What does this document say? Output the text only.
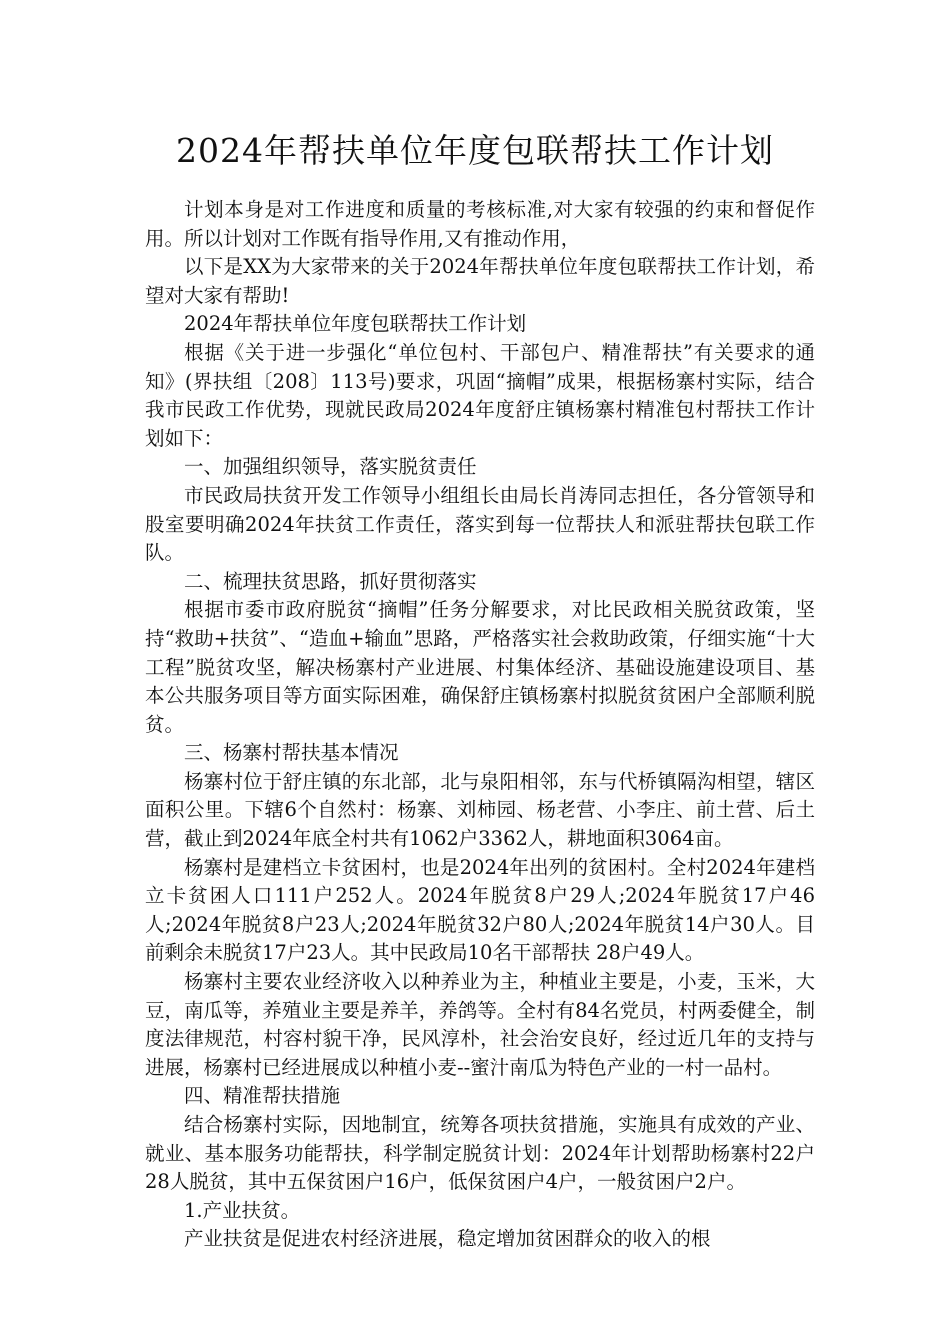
2024年帮扶单位年度包联帮扶工作计划

计划本身是对工作进度和质量的考核标准,对大家有较强的约束和督促作用。所以计划对工作既有指导作用,又有推动作用，

以下是XX为大家带来的关于2024年帮扶单位年度包联帮扶工作计划，希望对大家有帮助!

2024年帮扶单位年度包联帮扶工作计划

根据《关于进一步强化“单位包村、干部包户、精准帮扶”有关要求的通知》(界扶组〔208〕113号)要求，巩固“摘帽”成果，根据杨寨村实际，结合我市民政工作优势，现就民政局2024年度舒庄镇杨寨村精准包村帮扶工作计划如下：

一、加强组织领导，落实脱贫责任

市民政局扶贫开发工作领导小组组长由局长肖涛同志担任，各分管领导和股室要明确2024年扶贫工作责任，落实到每一位帮扶人和派驻帮扶包联工作队。

二、梳理扶贫思路，抓好贯彻落实

根据市委市政府脱贫“摘帽”任务分解要求，对比民政相关脱贫政策，坚持“救助+扶贫”、“造血+输血”思路，严格落实社会救助政策，仔细实施“十大工程”脱贫攻坚，解决杨寨村产业进展、村集体经济、基础设施建设项目、基本公共服务项目等方面实际困难，确保舒庄镇杨寨村拟脱贫贫困户全部顺利脱贫。

三、杨寨村帮扶基本情况

杨寨村位于舒庄镇的东北部，北与泉阳相邻，东与代桥镇隔沟相望，辖区面积公里。下辖6个自然村：杨寨、刘柿园、杨老营、小李庄、前土营、后土营，截止到2024年底全村共有1062户3362人，耕地面积3064亩。

杨寨村是建档立卡贫困村，也是2024年出列的贫困村。全村2024年建档立卡贫困人口111户252人。2024年脱贫8户29人;2024年脱贫17户46人;2024年脱贫8户23人;2024年脱贫32户80人;2024年脱贫14户30人。目前剩余未脱贫17户23人。其中民政局10名干部帮扶 28户49人。

杨寨村主要农业经济收入以种养业为主，种植业主要是，小麦，玉米，大豆，南瓜等，养殖业主要是养羊，养鸽等。全村有84名党员，村两委健全，制度法律规范，村容村貌干净，民风淳朴，社会治安良好，经过近几年的支持与进展，杨寨村已经进展成以种植小麦--蜜汁南瓜为特色产业的一村一品村。

四、精准帮扶措施

结合杨寨村实际，因地制宜，统筹各项扶贫措施，实施具有成效的产业、就业、基本服务功能帮扶，科学制定脱贫计划：2024年计划帮助杨寨村22户28人脱贫，其中五保贫困户16户，低保贫困户4户，一般贫困户2户。

1.产业扶贫。

产业扶贫是促进农村经济进展，稳定增加贫困群众的收入的根
